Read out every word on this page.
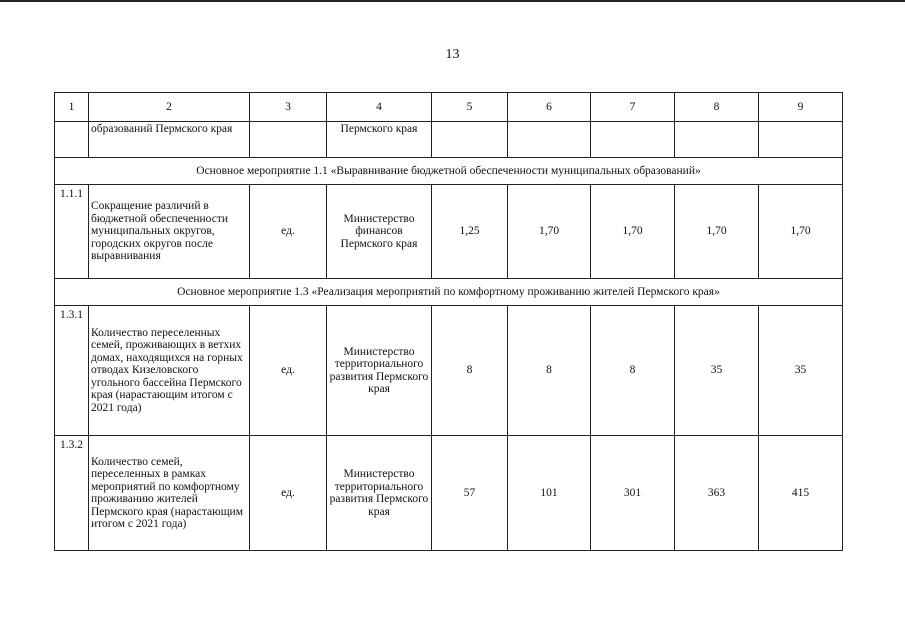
13
1	2	3	4	5	6	7	8	9
	образований Пермского края		Пермского края					
Основное мероприятие 1.1 «Выравнивание бюджетной обеспеченности муниципальных образований»								
1.1.1	Сокращение различий в бюджетной обеспеченности муниципальных округов, городских округов после выравнивания	ед.	Министерство финансов Пермского края	1,25	1,70	1,70	1,70	1,70
Основное мероприятие 1.3 «Реализация мероприятий по комфортному проживанию жителей Пермского края»								
1.3.1	Количество переселенных семей, проживающих в ветхих домах, находящихся на горных отводах Кизеловского угольного бассейна Пермского края (нарастающим итогом с 2021 года)	ед.	Министерство территориального развития Пермского края	8	8	8	35	35
1.3.2	Количество семей, переселенных в рамках мероприятий по комфортному проживанию жителей Пермского края (нарастающим итогом с 2021 года)	ед.	Министерство территориального развития Пермского края	57	101	301	363	415
